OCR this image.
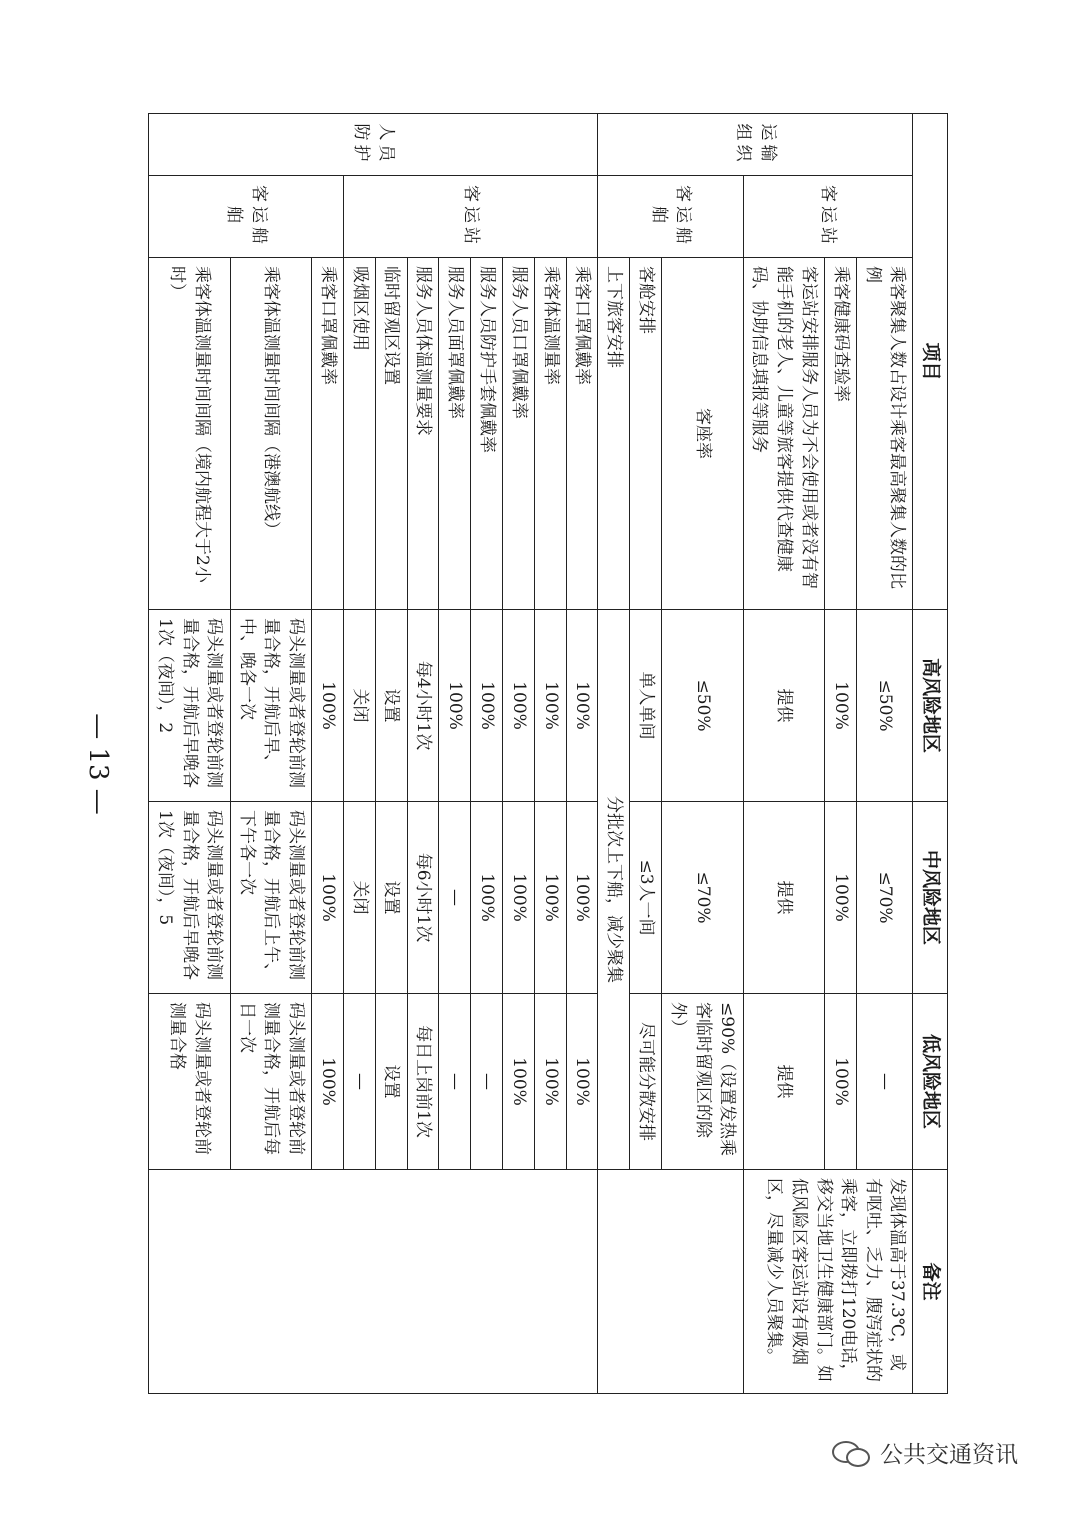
项目			高风险地区	中风险地区	低风险地区	备注
运输组织	客运站	乘客聚集人数占设计乘客最高聚集人数的比例	≤50%	≤70%	—	发现体温高于37.3℃，或有呕吐、乏力、腹泻症状的乘客，立即拨打120电话，移交当地卫生健康部门。如低风险区客运站设有吸烟区，尽量减少人员聚集。
		乘客健康码查验率	100%	100%	100%	
		客运站安排服务人员为不会使用或者没有智能手机的老人、儿童等旅客提供代查健康码、协助信息填报等服务	提供	提供	提供	
	客运船舶	客座率	≤50%	≤70%	≤90%（设置发热乘客临时留观区的除外）	
		客舱安排	单人单间	≤3人一间	尽可能分散安排	
		上下旅客安排	分批次上下船，减少聚集			
人员防护	客运站	乘客口罩佩戴率	100%	100%	100%	
		乘客体温测量率	100%	100%	100%	
		服务人员口罩佩戴率	100%	100%	100%	
		服务人员防护手套佩戴率	100%	100%	—	
		服务人员面罩佩戴率	100%	—	—	
		服务人员体温测量要求	每4小时1次	每6小时1次	每日上岗前1次	
		临时留观区设置	设置	设置	设置	
		吸烟区使用	关闭	关闭	—	
	客运船舶	乘客口罩佩戴率	100%	100%	100%	
		乘客体温测量时间间隔（港澳航线）	码头测量或者登轮前测量合格，开航后早、中、晚各一次	码头测量或者登轮前测量合格，开航后上午、下午各一次	码头测量或者登轮前测量合格，开航后每日一次	
		乘客体温测量时间间隔（境内航程大于2小时）	码头测量或者登轮前测量合格，开航后早晚各1次（夜间），2	码头测量或者登轮前测量合格，开航后早晚各1次（夜间），5	码头测量或者登轮前测量合格	
— 13 —
公共交通资讯
